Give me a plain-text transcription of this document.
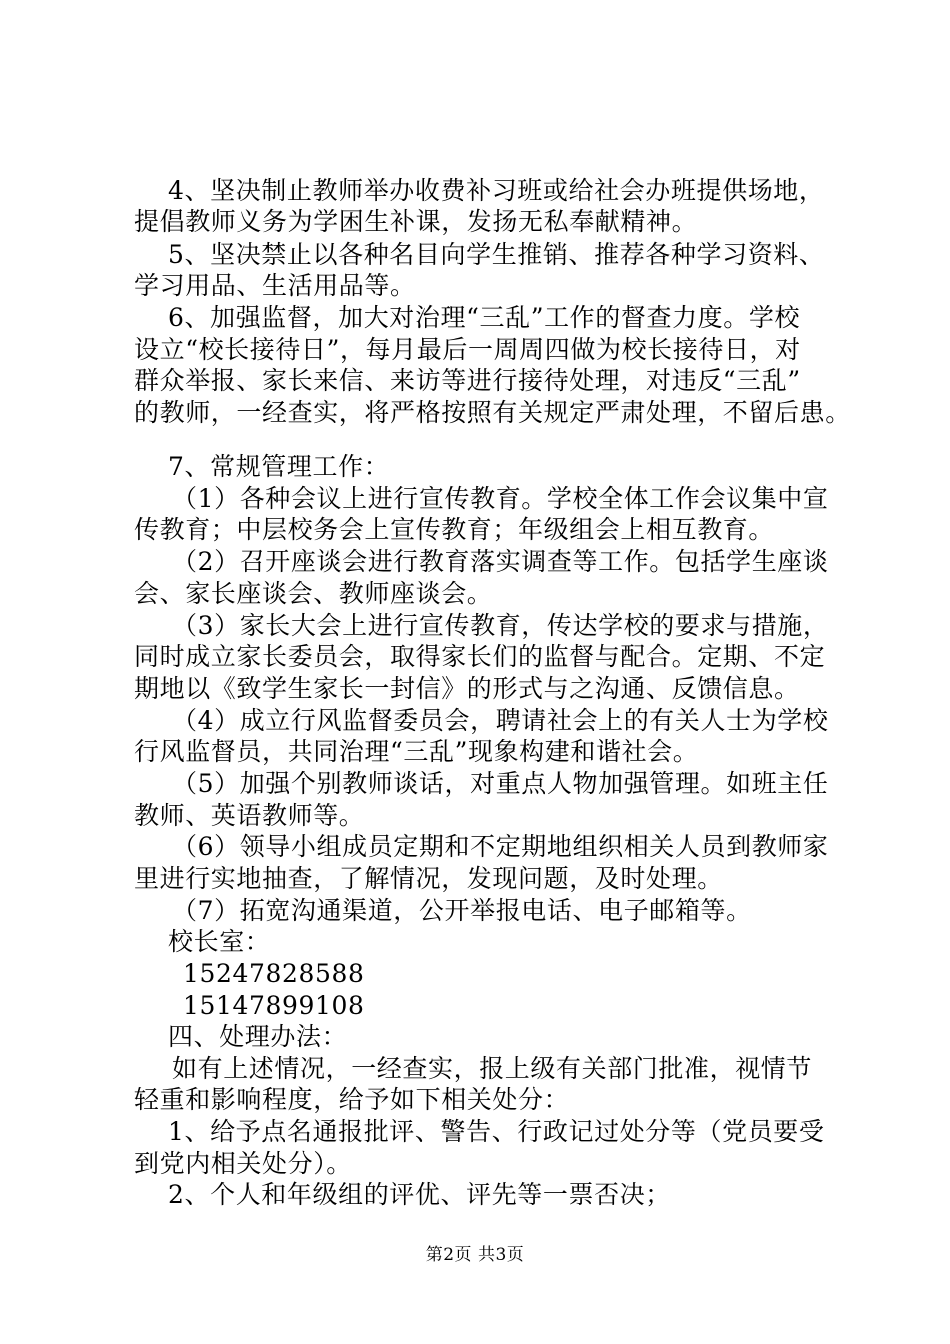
4、坚决制止教师举办收费补习班或给社会办班提供场地，
提倡教师义务为学困生补课，发扬无私奉献精神。
5、坚决禁止以各种名目向学生推销、推荐各种学习资料、
学习用品、生活用品等。
6、加强监督，加大对治理“三乱”工作的督查力度。学校
设立“校长接待日”，每月最后一周周四做为校长接待日，对
群众举报、家长来信、来访等进行接待处理，对违反“三乱”
的教师，一经查实，将严格按照有关规定严肃处理，不留后患。
7、常规管理工作：
（1）各种会议上进行宣传教育。学校全体工作会议集中宣
传教育；中层校务会上宣传教育；年级组会上相互教育。
（2）召开座谈会进行教育落实调查等工作。包括学生座谈
会、家长座谈会、教师座谈会。
（3）家长大会上进行宣传教育，传达学校的要求与措施，
同时成立家长委员会，取得家长们的监督与配合。定期、不定
期地以《致学生家长一封信》的形式与之沟通、反馈信息。
（4）成立行风监督委员会，聘请社会上的有关人士为学校
行风监督员，共同治理“三乱”现象构建和谐社会。
（5）加强个别教师谈话，对重点人物加强管理。如班主任
教师、英语教师等。
（6）领导小组成员定期和不定期地组织相关人员到教师家
里进行实地抽查，了解情况，发现问题，及时处理。
（7）拓宽沟通渠道，公开举报电话、电子邮箱等。
校长室：
15247828588
15147899108
四、处理办法：
如有上述情况，一经查实，报上级有关部门批准，视情节
轻重和影响程度，给予如下相关处分：
1、给予点名通报批评、警告、行政记过处分等（党员要受
到党内相关处分）。
2、个人和年级组的评优、评先等一票否决；
第2页 共3页
